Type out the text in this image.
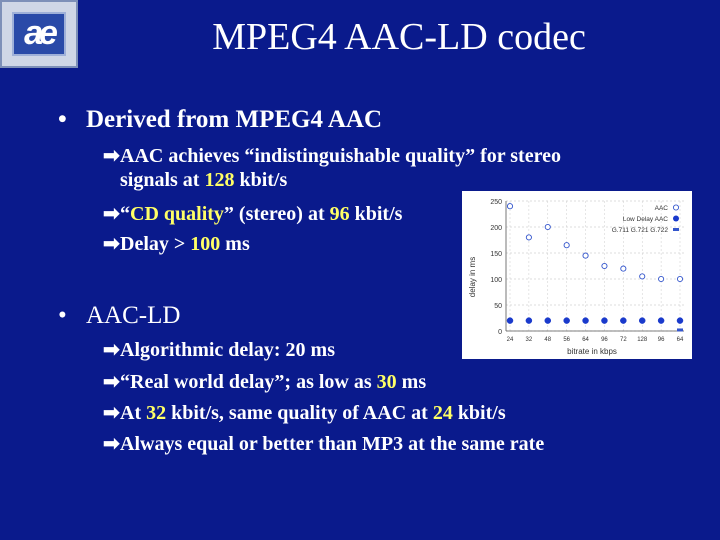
ae	MPEG4 AAC-LD codec
• Derived from MPEG4 AAC
➡AAC achieves “indistinguishable quality” for stereo
signals at 128 kbit/s
➡“CD quality” (stereo) at 96 kbit/s
➡Delay > 100 ms
• AAC-LD
➡Algorithmic delay: 20 ms
➡“Real world delay”; as low as 30 ms
➡At 32 kbit/s, same quality of AAC at 24 kbit/s
➡Always equal or better than MP3 at the same rate
0
50
100
150
200
250
24 32 48 56 64 96 72 128 96 64
AAC
Low Delay AAC
G.711 G.721 G.722
delay in ms
bitrate in kbps
